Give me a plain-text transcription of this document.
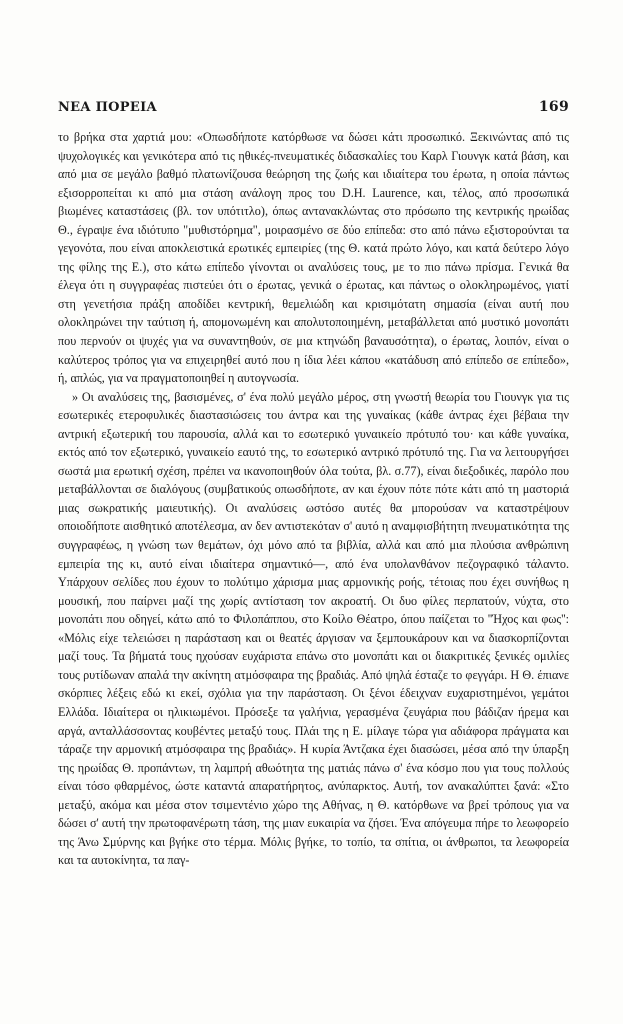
ΝΕΑ ΠΟΡΕΙΑ	169

το βρήκα στα χαρτιά μου: «Οπωσδήποτε κατόρθωσε να δώσει κάτι προσωπικό. Ξεκινώντας από τις ψυχολογικές και γενικότερα από τις ηθικές-πνευματικές διδασκαλίες του Καρλ Γιουνγκ κατά βάση, και από μια σε μεγάλο βαθμό πλατωνίζουσα θεώρηση της ζωής και ιδιαίτερα του έρωτα, η οποία πάντως εξισορροπείται κι από μια στάση ανάλογη προς του D.H. Laurence, και, τέλος, από προσωπικά βιωμένες καταστάσεις (βλ. τον υπότιτλο), όπως αντανακλώντας στο πρόσωπο της κεντρικής ηρωίδας Θ., έγραψε ένα ιδιότυπο "μυθιστόρημα", μοιρασμένο σε δύο επίπεδα: στο από πάνω εξιστορούνται τα γεγονότα, που είναι αποκλειστικά ερωτικές εμπειρίες (της Θ. κατά πρώτο λόγο, και κατά δεύτερο λόγο της φίλης της Ε.), στο κάτω επίπεδο γίνονται οι αναλύσεις τους, με το πιο πάνω πρίσμα. Γενικά θα έλεγα ότι η συγγραφέας πιστεύει ότι ο έρωτας, γενικά ο έρωτας, και πάντως ο ολοκληρωμένος, γιατί στη γενετήσια πράξη αποδίδει κεντρική, θεμελιώδη και κρισιμότατη σημασία (είναι αυτή που ολοκληρώνει την ταύτιση ή, απομονωμένη και απολυτοποιημένη, μεταβάλλεται από μυστικό μονοπάτι που περνούν οι ψυχές για να συναντηθούν, σε μια κτηνώδη βαναυσότητα), ο έρωτας, λοιπόν, είναι ο καλύτερος τρόπος για να επιχειρηθεί αυτό που η ίδια λέει κάπου «κατάδυση από επίπεδο σε επίπεδο», ή, απλώς, για να πραγματοποιηθεί η αυτογνωσία.

» Οι αναλύσεις της, βασισμένες, σ' ένα πολύ μεγάλο μέρος, στη γνωστή θεωρία του Γιουνγκ για τις εσωτερικές ετεροφυλικές διαστασιώσεις του άντρα και της γυναίκας (κάθε άντρας έχει βέβαια την αντρική εξωτερική του παρουσία, αλλά και το εσωτερικό γυναικείο πρότυπό του· και κάθε γυναίκα, εκτός από τον εξωτερικό, γυναικείο εαυτό της, το εσωτερικό αντρικό πρότυπό της. Για να λειτουργήσει σωστά μια ερωτική σχέση, πρέπει να ικανοποιηθούν όλα τούτα, βλ. σ.77), είναι διεξοδικές, παρόλο που μεταβάλλονται σε διαλόγους (συμβατικούς οπωσδήποτε, αν και έχουν πότε πότε κάτι από τη μαστοριά μιας σωκρατικής μαιευτικής). Οι αναλύσεις ωστόσο αυτές θα μπορούσαν να καταστρέψουν οποιοδήποτε αισθητικό αποτέλεσμα, αν δεν αντιστεκόταν σ' αυτό η αναμφισβήτητη πνευματικότητα της συγγραφέως, η γνώση των θεμάτων, όχι μόνο από τα βιβλία, αλλά και από μια πλούσια ανθρώπινη εμπειρία της κι, αυτό είναι ιδιαίτερα σημαντικό—, από ένα υπολανθάνον πεζογραφικό τάλαντο. Υπάρχουν σελίδες που έχουν το πολύτιμο χάρισμα μιας αρμονικής ροής, τέτοιας που έχει συνήθως η μουσική, που παίρνει μαζί της χωρίς αντίσταση τον ακροατή. Οι δυο φίλες περπατούν, νύχτα, στο μονοπάτι που οδηγεί, κάτω από το Φιλοπάππου, στο Κοίλο Θέατρο, όπου παίζεται το ''Ήχος και φως'': «Μόλις είχε τελειώσει η παράσταση και οι θεατές άργισαν να ξεμπουκάρουν και να διασκορπίζονται μαζί τους. Τα βήματά τους ηχούσαν ευχάριστα επάνω στο μονοπάτι και οι διακριτικές ξενικές ομιλίες τους ρυτίδωναν απαλά την ακίνητη ατμόσφαιρα της βραδιάς. Από ψηλά έσταζε το φεγγάρι. Η Θ. έπιανε σκόρπιες λέξεις εδώ κι εκεί, σχόλια για την παράσταση. Οι ξένοι έδειχναν ευχαριστημένοι, γεμάτοι Ελλάδα. Ιδιαίτερα οι ηλικιωμένοι. Πρόσεξε τα γαλήνια, γερασμένα ζευγάρια που βάδιζαν ήρεμα και αργά, ανταλλάσσοντας κουβέντες μεταξύ τους. Πλάι της η Ε. μίλαγε τώρα για αδιάφορα πράγματα και τάραζε την αρμονική ατμόσφαιρα της βραδιάς». Η κυρία Άντζακα έχει διασώσει, μέσα από την ύπαρξη της ηρωίδας Θ. προπάντων, τη λαμπρή αθωότητα της ματιάς πάνω σ' ένα κόσμο που για τους πολλούς είναι τόσο φθαρμένος, ώστε καταντά απαρατήρητος, ανύπαρκτος. Αυτή, τον ανακαλύπτει ξανά: «Στο μεταξύ, ακόμα και μέσα στον τσιμεντένιο χώρο της Αθήνας, η Θ. κατόρθωνε να βρεί τρόπους για να δώσει σ' αυτή την πρωτοφανέρωτη τάση, της μιαν ευκαιρία να ζήσει. Ένα απόγευμα πήρε το λεωφορείο της Άνω Σμύρνης και βγήκε στο τέρμα. Μόλις βγήκε, το τοπίο, τα σπίτια, οι άνθρωποι, τα λεωφορεία και τα αυτοκίνητα, τα παγ-
